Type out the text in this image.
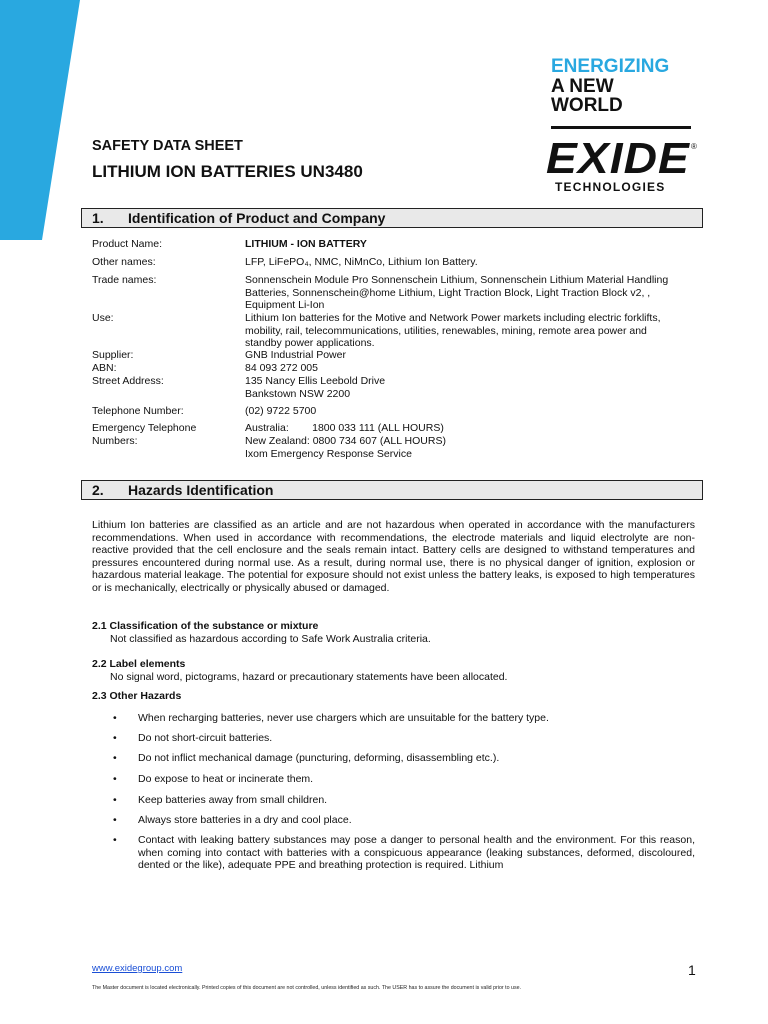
ENERGIZING
A NEW
WORLD
EXIDE ®
TECHNOLOGIES
SAFETY DATA SHEET
LITHIUM ION BATTERIES UN3480
1. Identification of Product and Company
Product Name:	LITHIUM - ION BATTERY
Other names:	LFP, LiFePO₄, NMC, NiMnCo, Lithium Ion Battery.
Trade names:	Sonnenschein Module Pro Sonnenschein Lithium, Sonnenschein Lithium Material Handling Batteries, Sonnenschein@home Lithium, Light Traction Block, Light Traction Block v2, , Equipment Li-Ion
Use:	Lithium Ion batteries for the Motive and Network Power markets including electric forklifts, mobility, rail, telecommunications, utilities, renewables, mining, remote area power and standby power applications.
Supplier:	GNB Industrial Power
ABN:	84 093 272 005
Street Address:	135 Nancy Ellis Leebold Drive
Bankstown NSW 2200
Telephone Number:	(02) 9722 5700
Emergency Telephone
Numbers:
Australia:        1800 033 111 (ALL HOURS)
New Zealand: 0800 734 607 (ALL HOURS)
Ixom Emergency Response Service
2. Hazards Identification
Lithium Ion batteries are classified as an article and are not hazardous when operated in accordance with the manufacturers recommendations. When used in accordance with recommendations, the electrode materials and liquid electrolyte are non-reactive provided that the cell enclosure and the seals remain intact. Battery cells are designed to withstand temperatures and pressures encountered during normal use. As a result, during normal use, there is no physical danger of ignition, explosion or hazardous material leakage. The potential for exposure should not exist unless the battery leaks, is exposed to high temperatures or is mechanically, electrically or physically abused or damaged.
2.1 Classification of the substance or mixture
Not classified as hazardous according to Safe Work Australia criteria.
2.2 Label elements
No signal word, pictograms, hazard or precautionary statements have been allocated.
2.3 Other Hazards
• When recharging batteries, never use chargers which are unsuitable for the battery type.
• Do not short-circuit batteries.
• Do not inflict mechanical damage (puncturing, deforming, disassembling etc.).
• Do expose to heat or incinerate them.
• Keep batteries away from small children.
• Always store batteries in a dry and cool place.
• Contact with leaking battery substances may pose a danger to personal health and the environment. For this reason, when coming into contact with batteries with a conspicuous appearance (leaking substances, deformed, discoloured, dented or the like), adequate PPE and breathing protection is required. Lithium
www.exidegroup.com	1
The Master document is located electronically. Printed copies of this document are not controlled, unless identified as such. The USER has to assure the document is valid prior to use.
